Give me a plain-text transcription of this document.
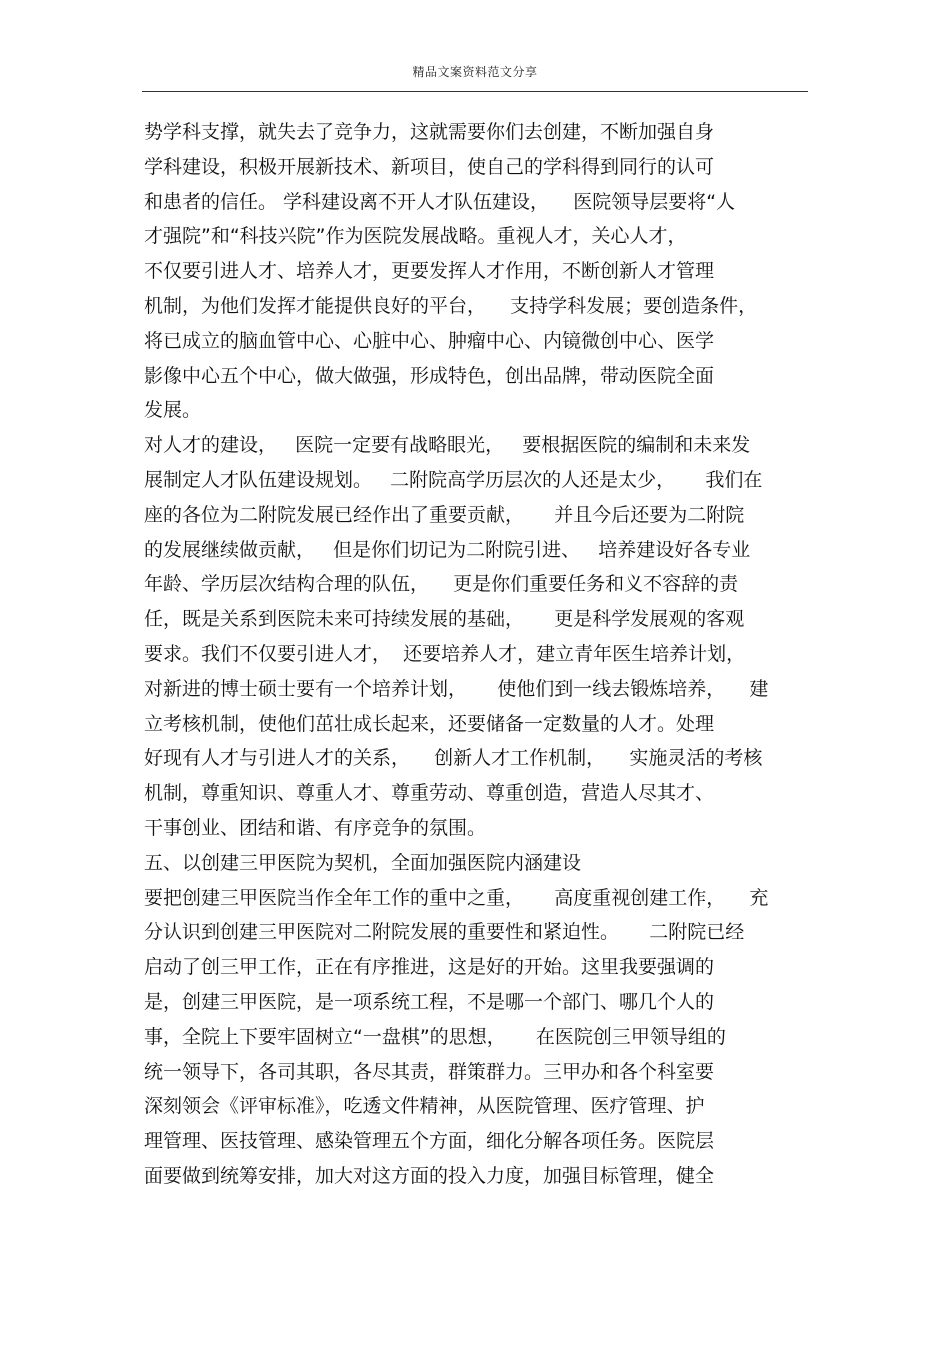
精品文案资料范文分享
势学科支撑，就失去了竞争力，这就需要你们去创建，不断加强自身
学科建设，积极开展新技术、新项目，使自己的学科得到同行的认可
和患者的信任。 学科建设离不开人才队伍建设，    医院领导层要将“人
才强院”和“科技兴院”作为医院发展战略。重视人才，关心人才，
不仅要引进人才、培养人才，更要发挥人才作用，不断创新人才管理
机制，为他们发挥才能提供良好的平台，    支持学科发展；要创造条件，
将已成立的脑血管中心、心脏中心、肿瘤中心、内镜微创中心、医学
影像中心五个中心，做大做强，形成特色，创出品牌，带动医院全面
发展。
对人才的建设，   医院一定要有战略眼光，   要根据医院的编制和未来发
展制定人才队伍建设规划。   二附院高学历层次的人还是太少，     我们在
座的各位为二附院发展已经作出了重要贡献，     并且今后还要为二附院
的发展继续做贡献，   但是你们切记为二附院引进、   培养建设好各专业
年龄、学历层次结构合理的队伍，    更是你们重要任务和义不容辞的责
任，既是关系到医院未来可持续发展的基础，     更是科学发展观的客观
要求。我们不仅要引进人才，  还要培养人才，建立青年医生培养计划，
对新进的博士硕士要有一个培养计划，     使他们到一线去锻炼培养，    建
立考核机制，使他们茁壮成长起来，还要储备一定数量的人才。处理
好现有人才与引进人才的关系，    创新人才工作机制，    实施灵活的考核
机制，尊重知识、尊重人才、尊重劳动、尊重创造，营造人尽其才、
干事创业、团结和谐、有序竞争的氛围。
五、以创建三甲医院为契机，全面加强医院内涵建设
要把创建三甲医院当作全年工作的重中之重，     高度重视创建工作，    充
分认识到创建三甲医院对二附院发展的重要性和紧迫性。     二附院已经
启动了创三甲工作，正在有序推进，这是好的开始。这里我要强调的
是，创建三甲医院，是一项系统工程，不是哪一个部门、哪几个人的
事，全院上下要牢固树立“一盘棋”的思想，     在医院创三甲领导组的
统一领导下，各司其职，各尽其责，群策群力。三甲办和各个科室要
深刻领会《评审标准》，吃透文件精神，从医院管理、医疗管理、护
理管理、医技管理、感染管理五个方面，细化分解各项任务。医院层
面要做到统筹安排，加大对这方面的投入力度，加强目标管理，健全
